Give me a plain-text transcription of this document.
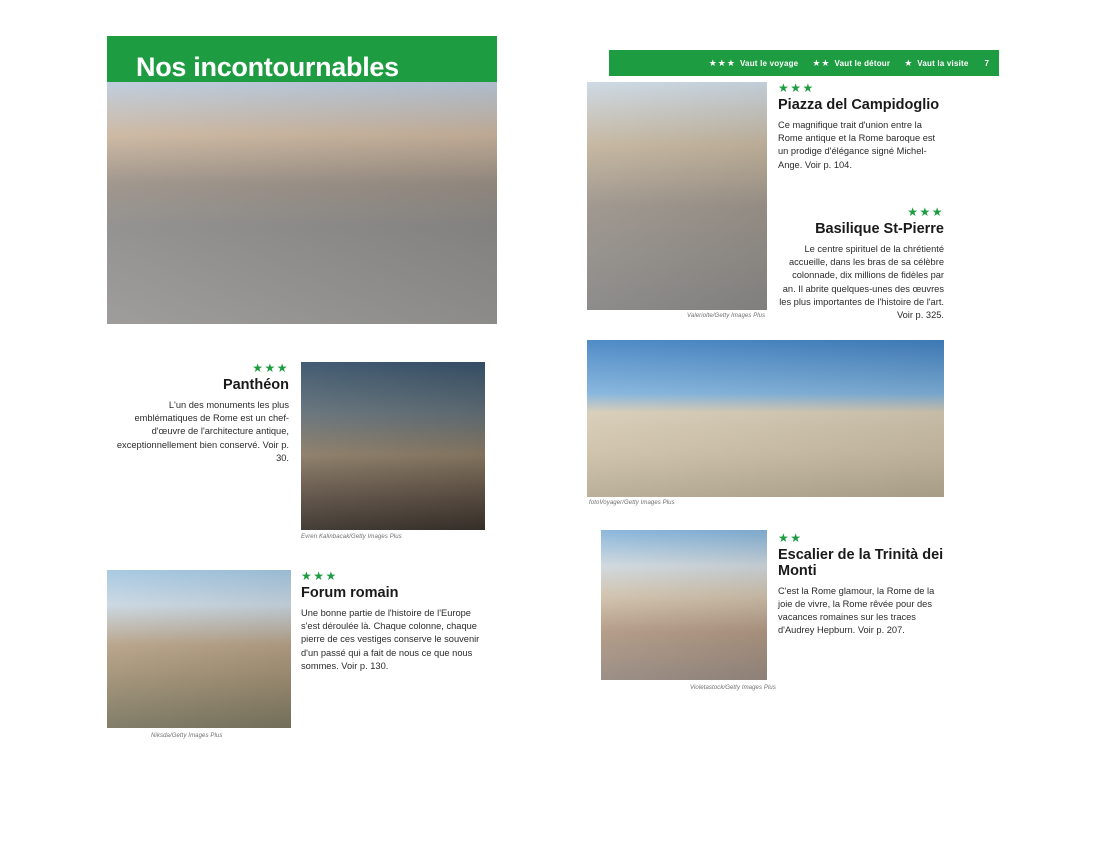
Nos incontournables
★★★
Panthéon
L'un des monuments les plus emblématiques de Rome est un chef-d'œuvre de l'architecture antique, exceptionnellement bien conservé. Voir p. 30.
Evren Kalinbacak/Getty Images Plus
Niksda/Getty Images Plus
★★★
Forum romain
Une bonne partie de l'histoire de l'Europe s'est déroulée là. Chaque colonne, chaque pierre de ces vestiges conserve le souvenir d'un passé qui a fait de nous ce que nous sommes. Voir p. 130.
★★★ Vaut le voyage ★★ Vaut le détour ★ Vaut la visite 7
Valeriolte/Getty Images Plus
★★★
Piazza del Campidoglio
Ce magnifique trait d'union entre la Rome antique et la Rome baroque est un prodige d'élégance signé Michel-Ange. Voir p. 104.
★★★
Basilique St-Pierre
Le centre spirituel de la chrétienté accueille, dans les bras de sa célèbre colonnade, dix millions de fidèles par an. Il abrite quelques-unes des œuvres les plus importantes de l'histoire de l'art. Voir p. 325.
fotoVoyager/Getty Images Plus
Violetastock/Getty Images Plus
★★
Escalier de la Trinità dei Monti
C'est la Rome glamour, la Rome de la joie de vivre, la Rome rêvée pour des vacances romaines sur les traces d'Audrey Hepburn. Voir p. 207.
